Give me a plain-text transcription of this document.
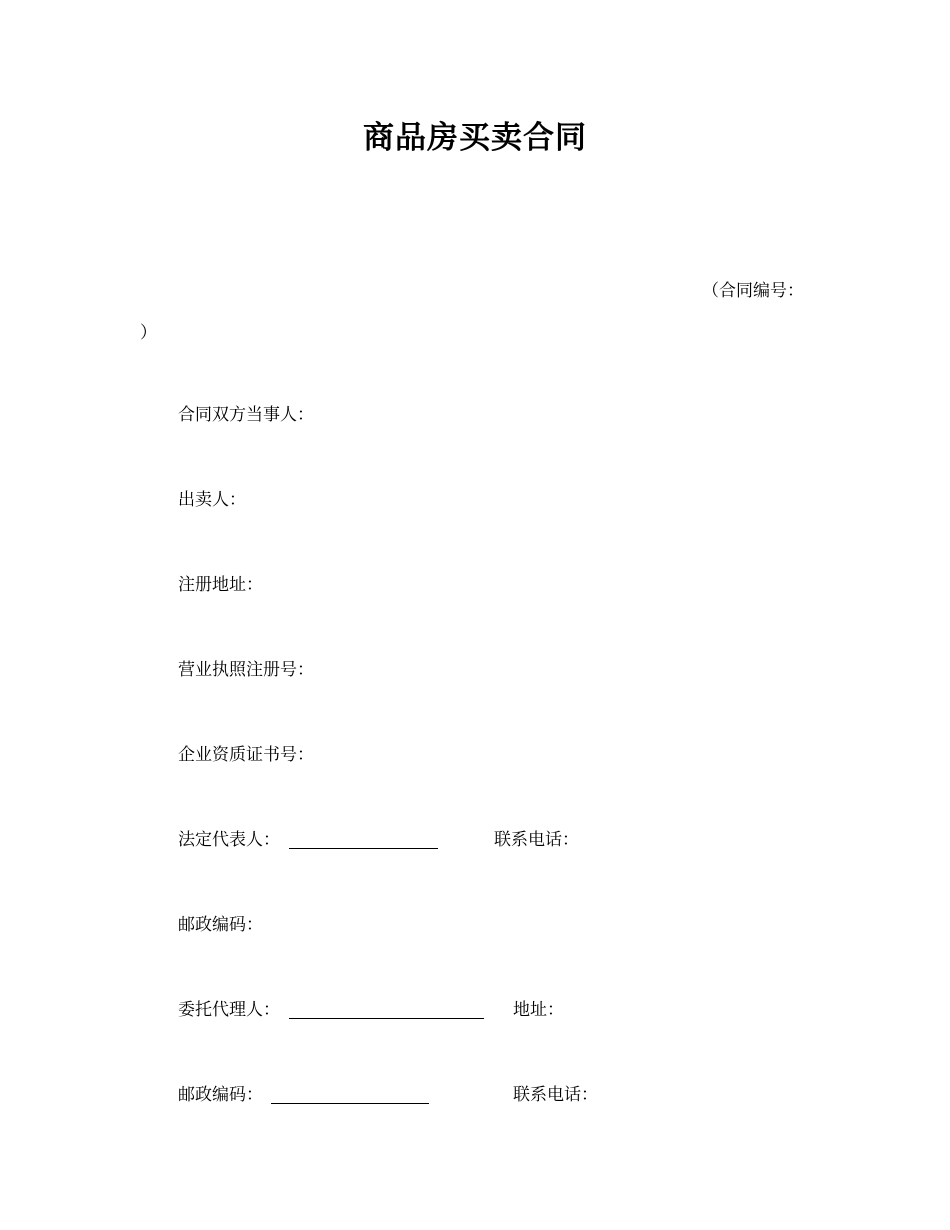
商品房买卖合同
（合同编号：
）
合同双方当事人：
出卖人：
注册地址：
营业执照注册号：
企业资质证书号：
法定代表人：	联系电话：
邮政编码：
委托代理人：	地址：
邮政编码：	联系电话：
